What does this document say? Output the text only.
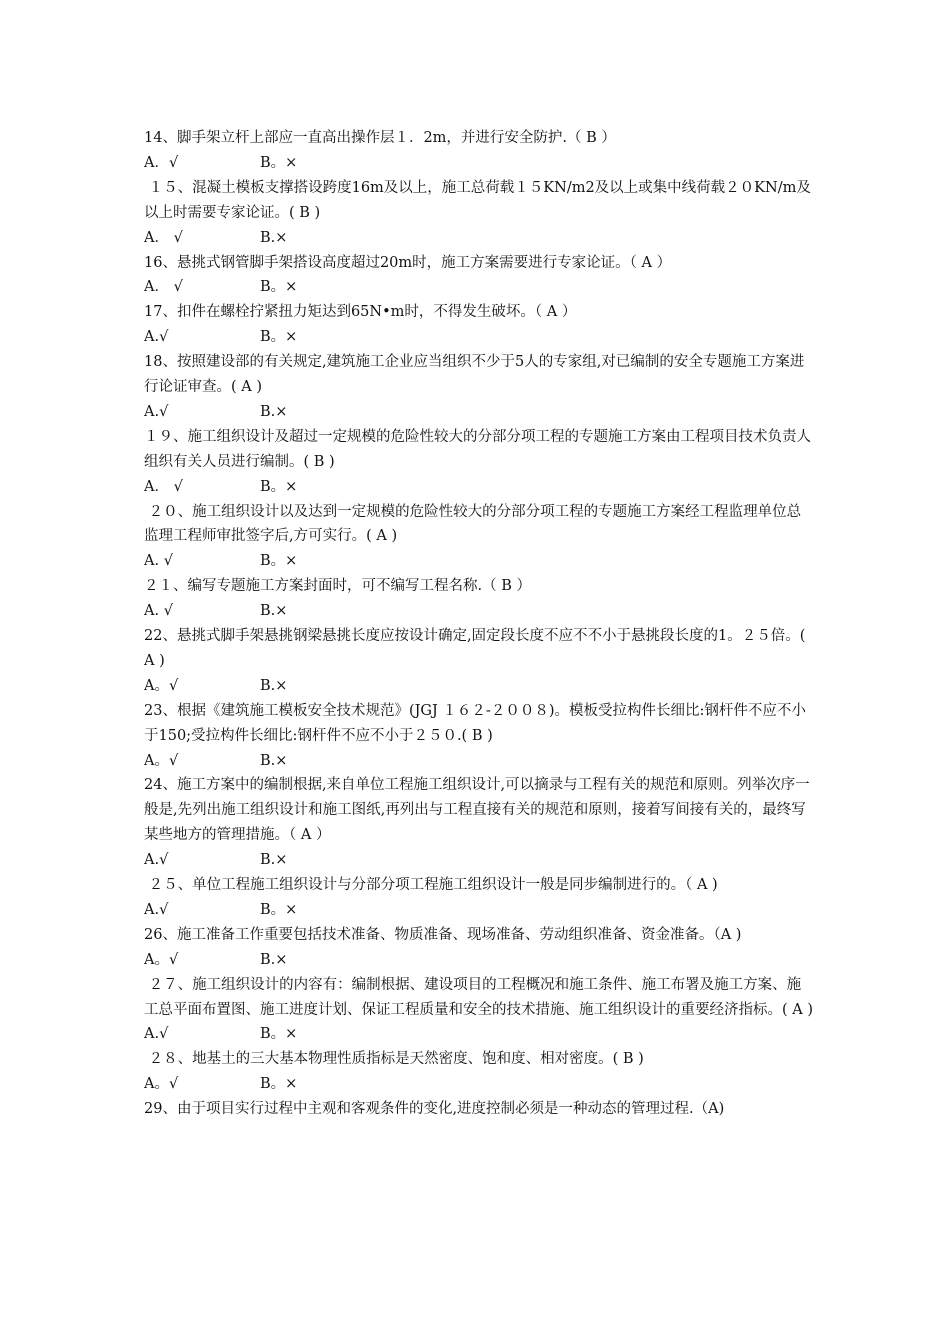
14、脚手架立杆上部应一直高出操作层１．2m，并进行安全防护.（ B ）

A．√	B。×

１５、混凝土模板支撑搭设跨度16m及以上，施工总荷载１５KN/m2及以上或集中线荷载２０KN/m及以上时需要专家论证。( B )

A． √	B.×

16、悬挑式钢管脚手架搭设高度超过20m时，施工方案需要进行专家论证。（ A ）

A． √	B。×

17、扣件在螺栓拧紧扭力矩达到65N•m时，不得发生破坏。（ A ）

A.√	B。×

18、按照建设部的有关规定,建筑施工企业应当组织不少于5人的专家组,对已编制的安全专题施工方案进行论证审查。( A )

A.√	B.×

１９、施工组织设计及超过一定规模的危险性较大的分部分项工程的专题施工方案由工程项目技术负责人组织有关人员进行编制。( B )

A． √	B。×

２０、施工组织设计以及达到一定规模的危险性较大的分部分项工程的专题施工方案经工程监理单位总监理工程师审批签字后,方可实行。( A )

A. √	B。×

２１、编写专题施工方案封面时，可不编写工程名称.（ B ）

A. √	B.×

22、悬挑式脚手架悬挑钢梁悬挑长度应按设计确定,固定段长度不应不不小于悬挑段长度的1。２５倍。( A )

A。√	B.×

23、根据《建筑施工模板安全技术规范》(JGJ １６２-２００８)。模板受拉构件长细比:钢杆件不应不小于150;受拉构件长细比:钢杆件不应不小于２５０.( B )

A。√	B.×

24、施工方案中的编制根据,来自单位工程施工组织设计,可以摘录与工程有关的规范和原则。列举次序一般是,先列出施工组织设计和施工图纸,再列出与工程直接有关的规范和原则，接着写间接有关的，最终写某些地方的管理措施。（ A ）

A.√	B.×

２５、单位工程施工组织设计与分部分项工程施工组织设计一般是同步编制进行的。（ A )

A.√	B。×

26、施工准备工作重要包括技术准备、物质准备、现场准备、劳动组织准备、资金准备。（A )

A。√	B.×

２７、施工组织设计的内容有：编制根据、建设项目的工程概况和施工条件、施工布署及施工方案、施工总平面布置图、施工进度计划、保证工程质量和安全的技术措施、施工组织设计的重要经济指标。( A )

A.√	B。×

２８、地基土的三大基本物理性质指标是天然密度、饱和度、相对密度。( B )

A。√	B。×

29、由于项目实行过程中主观和客观条件的变化,进度控制必须是一种动态的管理过程.（A)
